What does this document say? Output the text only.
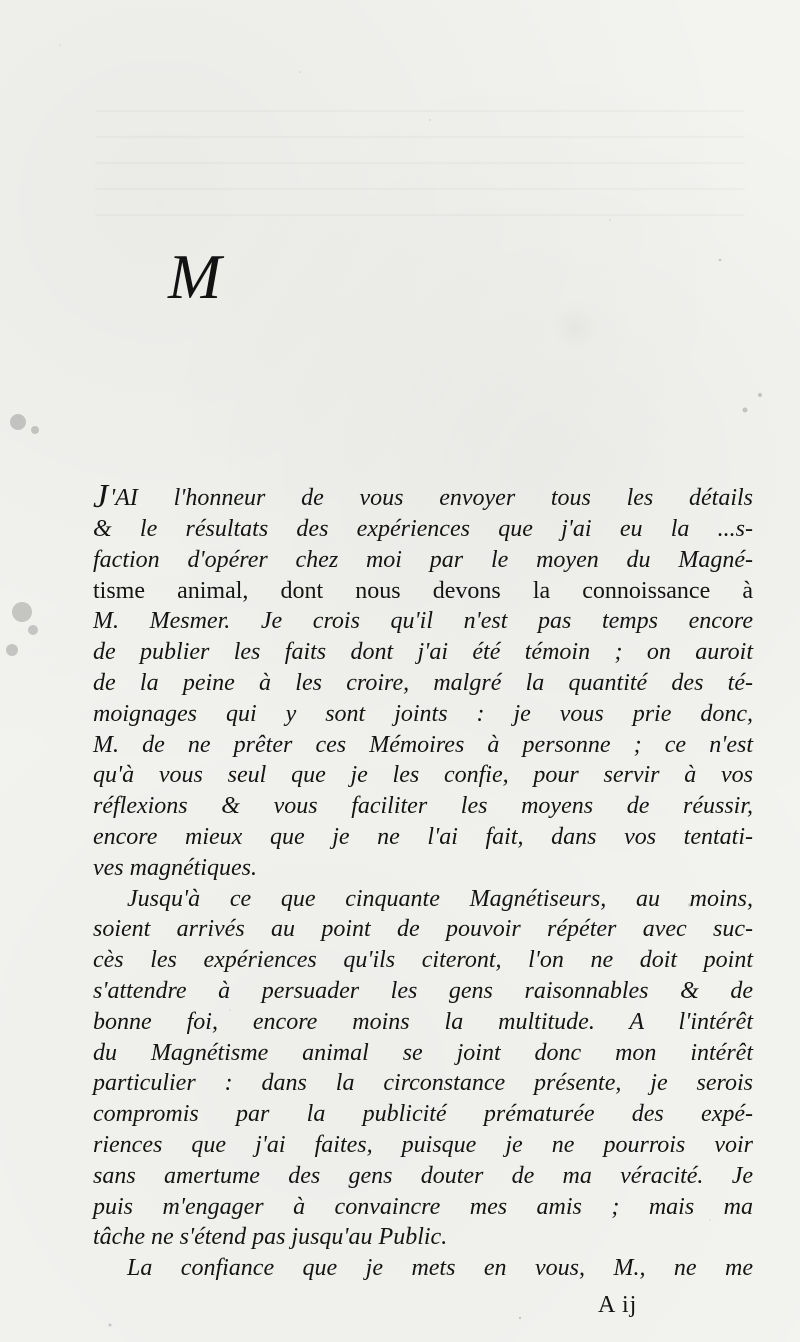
M
J'AI l'honneur de vous envoyer tous les détails
& le résultats des expériences que j'ai eu la ...s-
faction d'opérer chez moi par le moyen du Magné-
tisme animal, dont nous devons la connoissance à
M. Mesmer. Je crois qu'il n'est pas temps encore
de publier les faits dont j'ai été témoin ; on auroit
de la peine à les croire, malgré la quantité des té-
moignages qui y sont joints : je vous prie donc,
M. de ne prêter ces Mémoires à personne ; ce n'est
qu'à vous seul que je les confie, pour servir à vos
réflexions & vous faciliter les moyens de réussir,
encore mieux que je ne l'ai fait, dans vos tentati-
ves magnétiques.
Jusqu'à ce que cinquante Magnétiseurs, au moins,
soient arrivés au point de pouvoir répéter avec suc-
cès les expériences qu'ils citeront, l'on ne doit point
s'attendre à persuader les gens raisonnables & de
bonne foi, encore moins la multitude. A l'intérêt
du Magnétisme animal se joint donc mon intérêt
particulier : dans la circonstance présente, je serois
compromis par la publicité prématurée des expé-
riences que j'ai faites, puisque je ne pourrois voir
sans amertume des gens douter de ma véracité. Je
puis m'engager à convaincre mes amis ; mais ma
tâche ne s'étend pas jusqu'au Public.
La confiance que je mets en vous, M., ne me
A ij
